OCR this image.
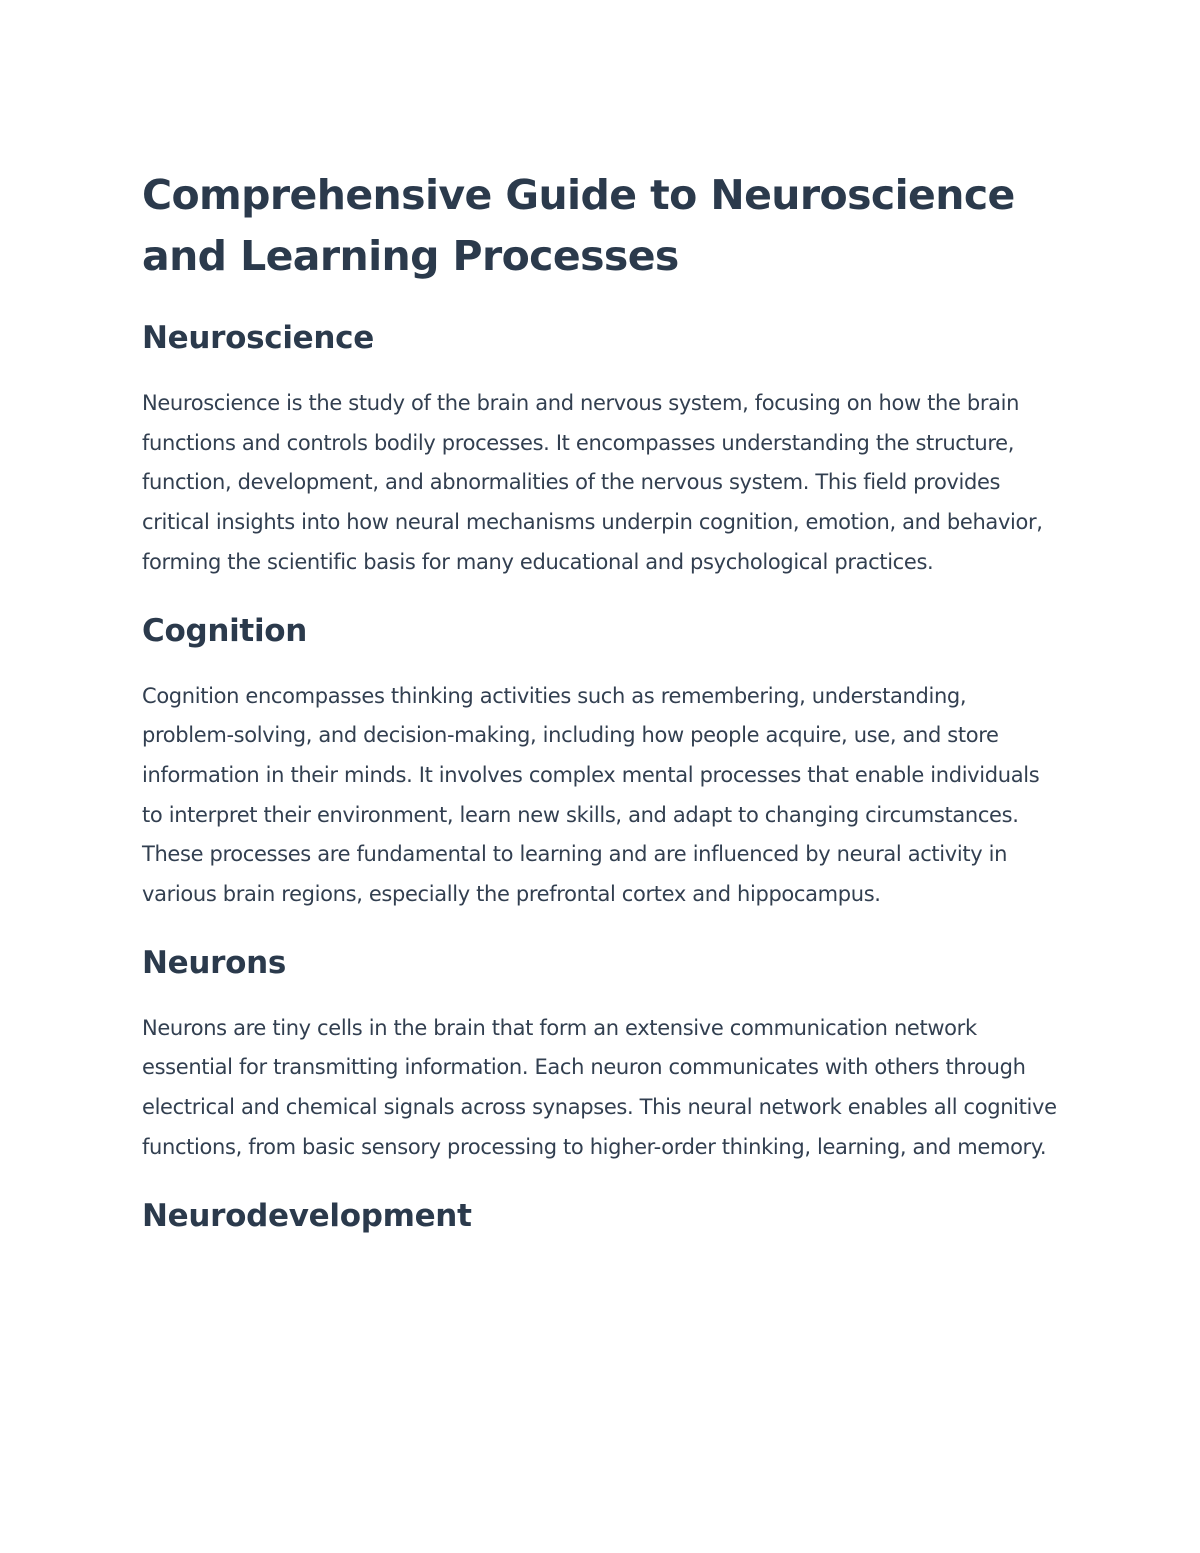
Comprehensive Guide to Neuroscience and Learning Processes
Neuroscience

Neuroscience is the study of the brain and nervous system, focusing on how the brain functions and controls bodily processes. It encompasses understanding the structure, function, development, and abnormalities of the nervous system. This field provides critical insights into how neural mechanisms underpin cognition, emotion, and behavior, forming the scientific basis for many educational and psychological practices.

Cognition

Cognition encompasses thinking activities such as remembering, understanding, problem-solving, and decision-making, including how people acquire, use, and store information in their minds. It involves complex mental processes that enable individuals to interpret their environment, learn new skills, and adapt to changing circumstances. These processes are fundamental to learning and are influenced by neural activity in various brain regions, especially the prefrontal cortex and hippocampus.

Neurons

Neurons are tiny cells in the brain that form an extensive communication network essential for transmitting information. Each neuron communicates with others through electrical and chemical signals across synapses. This neural network enables all cognitive functions, from basic sensory processing to higher-order thinking, learning, and memory.

Neurodevelopment
